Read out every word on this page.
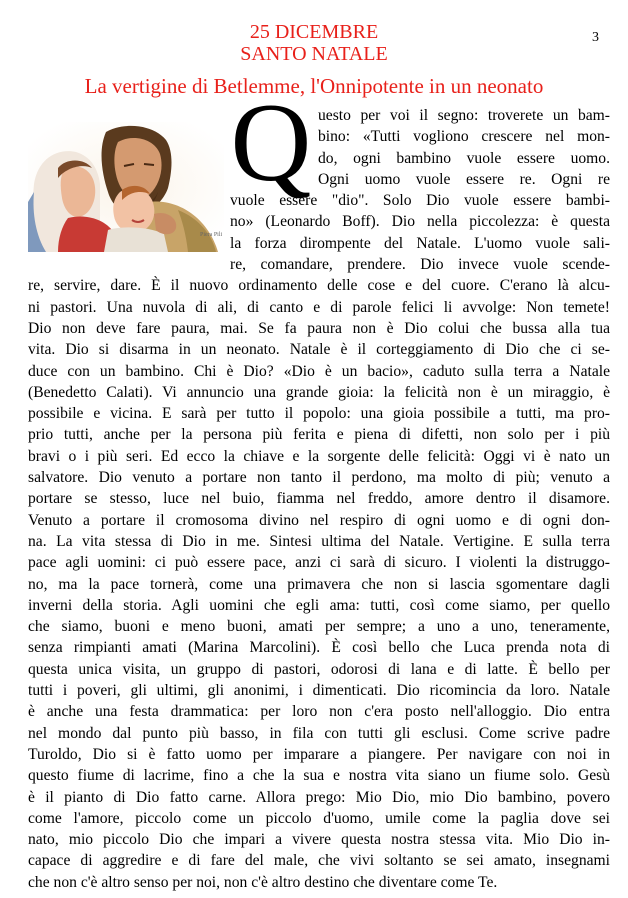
25 DICEMBRE
SANTO NATALE
3
La vertigine di Betlemme, l'Onnipotente in un neonato
Piera Pili
Q uesto per voi il segno: troverete un bam-
bino: «Tutti vogliono crescere nel mon-
do, ogni bambino vuole essere uomo.
Ogni uomo vuole essere re. Ogni re
vuole essere "dio". Solo Dio vuole essere bambi-
no» (Leonardo Boff). Dio nella piccolezza: è questa
la forza dirompente del Natale. L'uomo vuole sali-
re, comandare, prendere. Dio invece vuole scende-
re, servire, dare. È il nuovo ordinamento delle cose e del cuore. C'erano là alcu-
ni pastori. Una nuvola di ali, di canto e di parole felici li avvolge: Non temete!
Dio non deve fare paura, mai. Se fa paura non è Dio colui che bussa alla tua
vita. Dio si disarma in un neonato. Natale è il corteggiamento di Dio che ci se-
duce con un bambino. Chi è Dio? «Dio è un bacio», caduto sulla terra a Natale
(Benedetto Calati). Vi annuncio una grande gioia: la felicità non è un miraggio, è
possibile e vicina. E sarà per tutto il popolo: una gioia possibile a tutti, ma pro-
prio tutti, anche per la persona più ferita e piena di difetti, non solo per i più
bravi o i più seri. Ed ecco la chiave e la sorgente delle felicità: Oggi vi è nato un
salvatore. Dio venuto a portare non tanto il perdono, ma molto di più; venuto a
portare se stesso, luce nel buio, fiamma nel freddo, amore dentro il disamore.
Venuto a portare il cromosoma divino nel respiro di ogni uomo e di ogni don-
na. La vita stessa di Dio in me. Sintesi ultima del Natale. Vertigine. E sulla terra
pace agli uomini: ci può essere pace, anzi ci sarà di sicuro. I violenti la distruggo-
no, ma la pace tornerà, come una primavera che non si lascia sgomentare dagli
inverni della storia. Agli uomini che egli ama: tutti, così come siamo, per quello
che siamo, buoni e meno buoni, amati per sempre; a uno a uno, teneramente,
senza rimpianti amati (Marina Marcolini). È così bello che Luca prenda nota di
questa unica visita, un gruppo di pastori, odorosi di lana e di latte. È bello per
tutti i poveri, gli ultimi, gli anonimi, i dimenticati. Dio ricomincia da loro. Natale
è anche una festa drammatica: per loro non c'era posto nell'alloggio. Dio entra
nel mondo dal punto più basso, in fila con tutti gli esclusi. Come scrive padre
Turoldo, Dio si è fatto uomo per imparare a piangere. Per navigare con noi in
questo fiume di lacrime, fino a che la sua e nostra vita siano un fiume solo. Gesù
è il pianto di Dio fatto carne. Allora prego: Mio Dio, mio Dio bambino, povero
come l'amore, piccolo come un piccolo d'uomo, umile come la paglia dove sei
nato, mio piccolo Dio che impari a vivere questa nostra stessa vita. Mio Dio in-
capace di aggredire e di fare del male, che vivi soltanto se sei amato, insegnami
che non c'è altro senso per noi, non c'è altro destino che diventare come Te.
